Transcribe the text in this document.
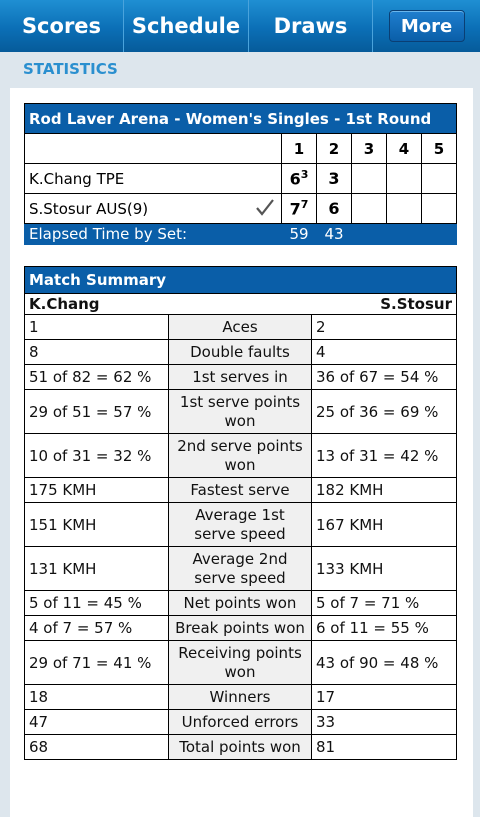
Scores	Schedule	Draws	More
STATISTICS
Rod Laver Arena - Women's Singles - 1st Round					
	1	2	3	4	5
K.Chang TPE	$6^3$	3			
S.Stosur AUS(9)	$7^7$	6			
Elapsed Time by Set:	59	43			
Match Summary		
K.Chang		S.Stosur
1	Aces	2
8	Double faults	4
51 of 82 = 62 %	1st serves in	36 of 67 = 54 %
29 of 51 = 57 %	1st serve points won	25 of 36 = 69 %
10 of 31 = 32 %	2nd serve points won	13 of 31 = 42 %
175 KMH	Fastest serve	182 KMH
151 KMH	Average 1st serve speed	167 KMH
131 KMH	Average 2nd serve speed	133 KMH
5 of 11 = 45 %	Net points won	5 of 7 = 71 %
4 of 7 = 57 %	Break points won	6 of 11 = 55 %
29 of 71 = 41 %	Receiving points won	43 of 90 = 48 %
18	Winners	17
47	Unforced errors	33
68	Total points won	81
